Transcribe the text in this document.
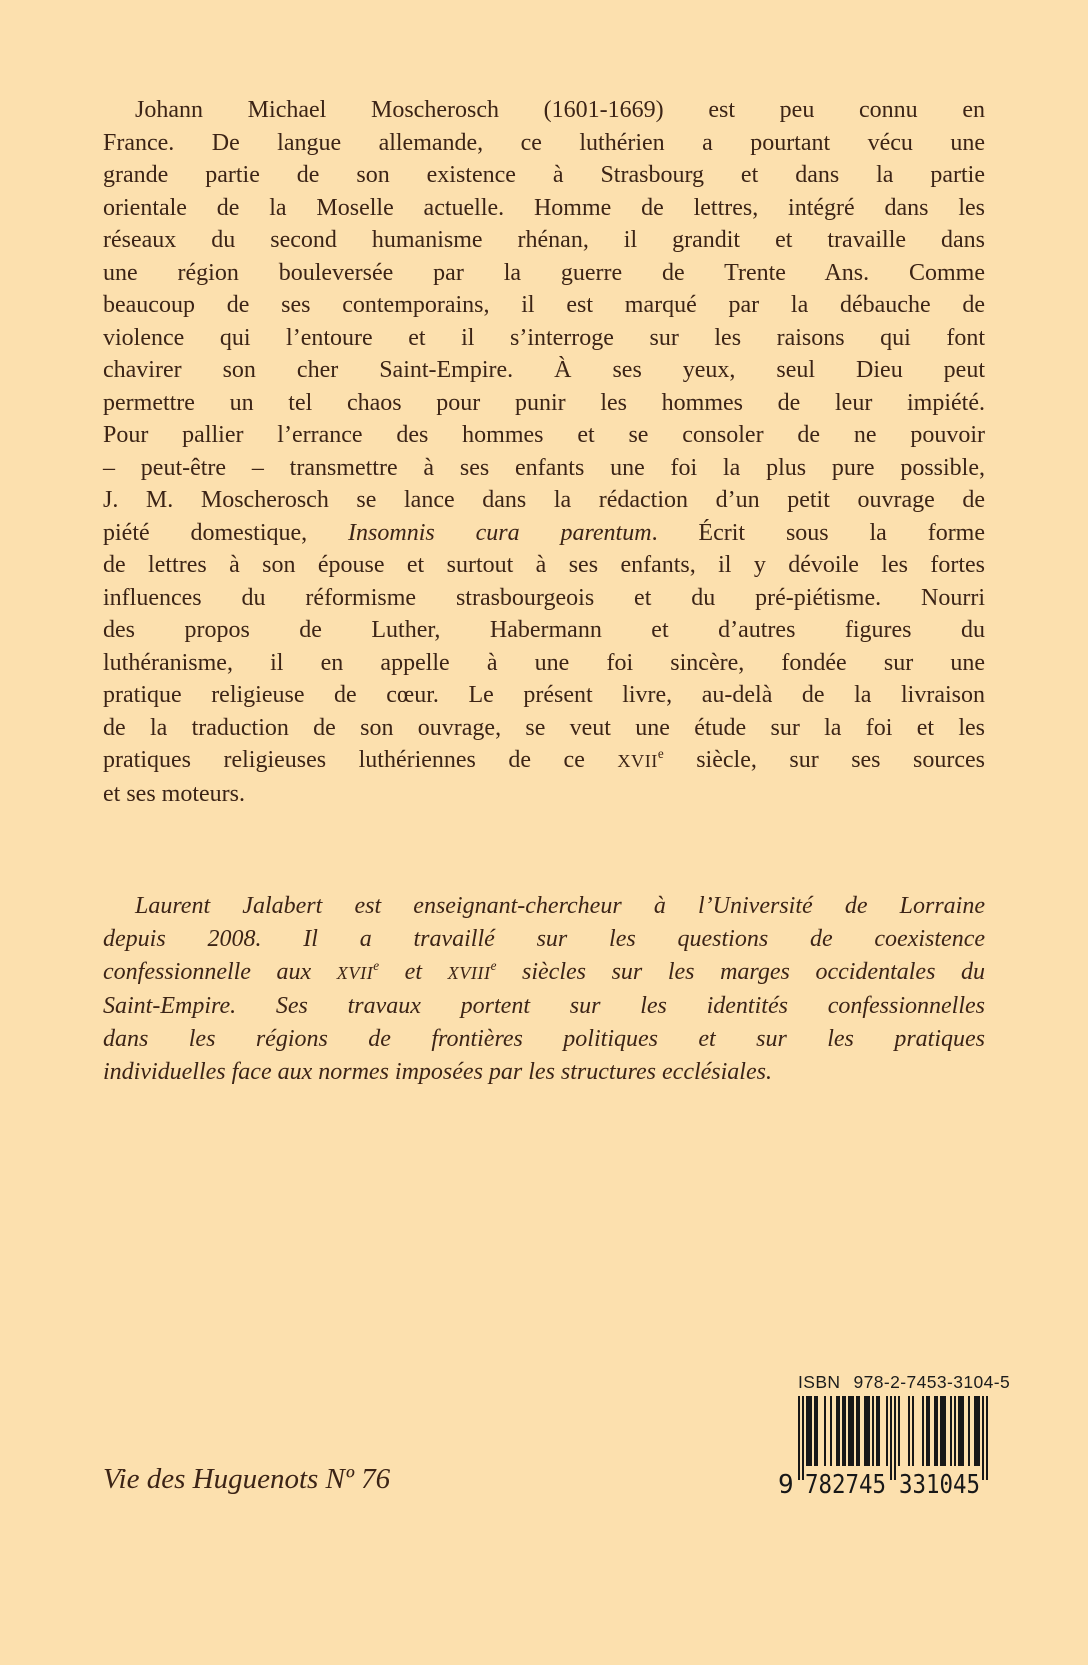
Johann Michael Moscherosch (1601-1669) est peu connu en
France. De langue allemande, ce luthérien a pourtant vécu une
grande partie de son existence à Strasbourg et dans la partie
orientale de la Moselle actuelle. Homme de lettres, intégré dans les
réseaux du second humanisme rhénan, il grandit et travaille dans
une région bouleversée par la guerre de Trente Ans. Comme
beaucoup de ses contemporains, il est marqué par la débauche de
violence qui l’entoure et il s’interroge sur les raisons qui font
chavirer son cher Saint-Empire. À ses yeux, seul Dieu peut
permettre un tel chaos pour punir les hommes de leur impiété.
Pour pallier l’errance des hommes et se consoler de ne pouvoir
– peut-être – transmettre à ses enfants une foi la plus pure possible,
J. M. Moscherosch se lance dans la rédaction d’un petit ouvrage de
piété domestique, Insomnis cura parentum. Écrit sous la forme
de lettres à son épouse et surtout à ses enfants, il y dévoile les fortes
influences du réformisme strasbourgeois et du pré-piétisme. Nourri
des propos de Luther, Habermann et d’autres figures du
luthéranisme, il en appelle à une foi sincère, fondée sur une
pratique religieuse de cœur. Le présent livre, au-delà de la livraison
de la traduction de son ouvrage, se veut une étude sur la foi et les
pratiques religieuses luthériennes de ce XVIIe siècle, sur ses sources
et ses moteurs.
Laurent Jalabert est enseignant-chercheur à l’Université de Lorraine
depuis 2008. Il a travaillé sur les questions de coexistence
confessionnelle aux XVIIe et XVIIIe siècles sur les marges occidentales du
Saint-Empire. Ses travaux portent sur les identités confessionnelles
dans les régions de frontières politiques et sur les pratiques
individuelles face aux normes imposées par les structures ecclésiales.
Vie des Huguenots Nº 76
ISBN 978-2-7453-3104-5
9 782745 331045
